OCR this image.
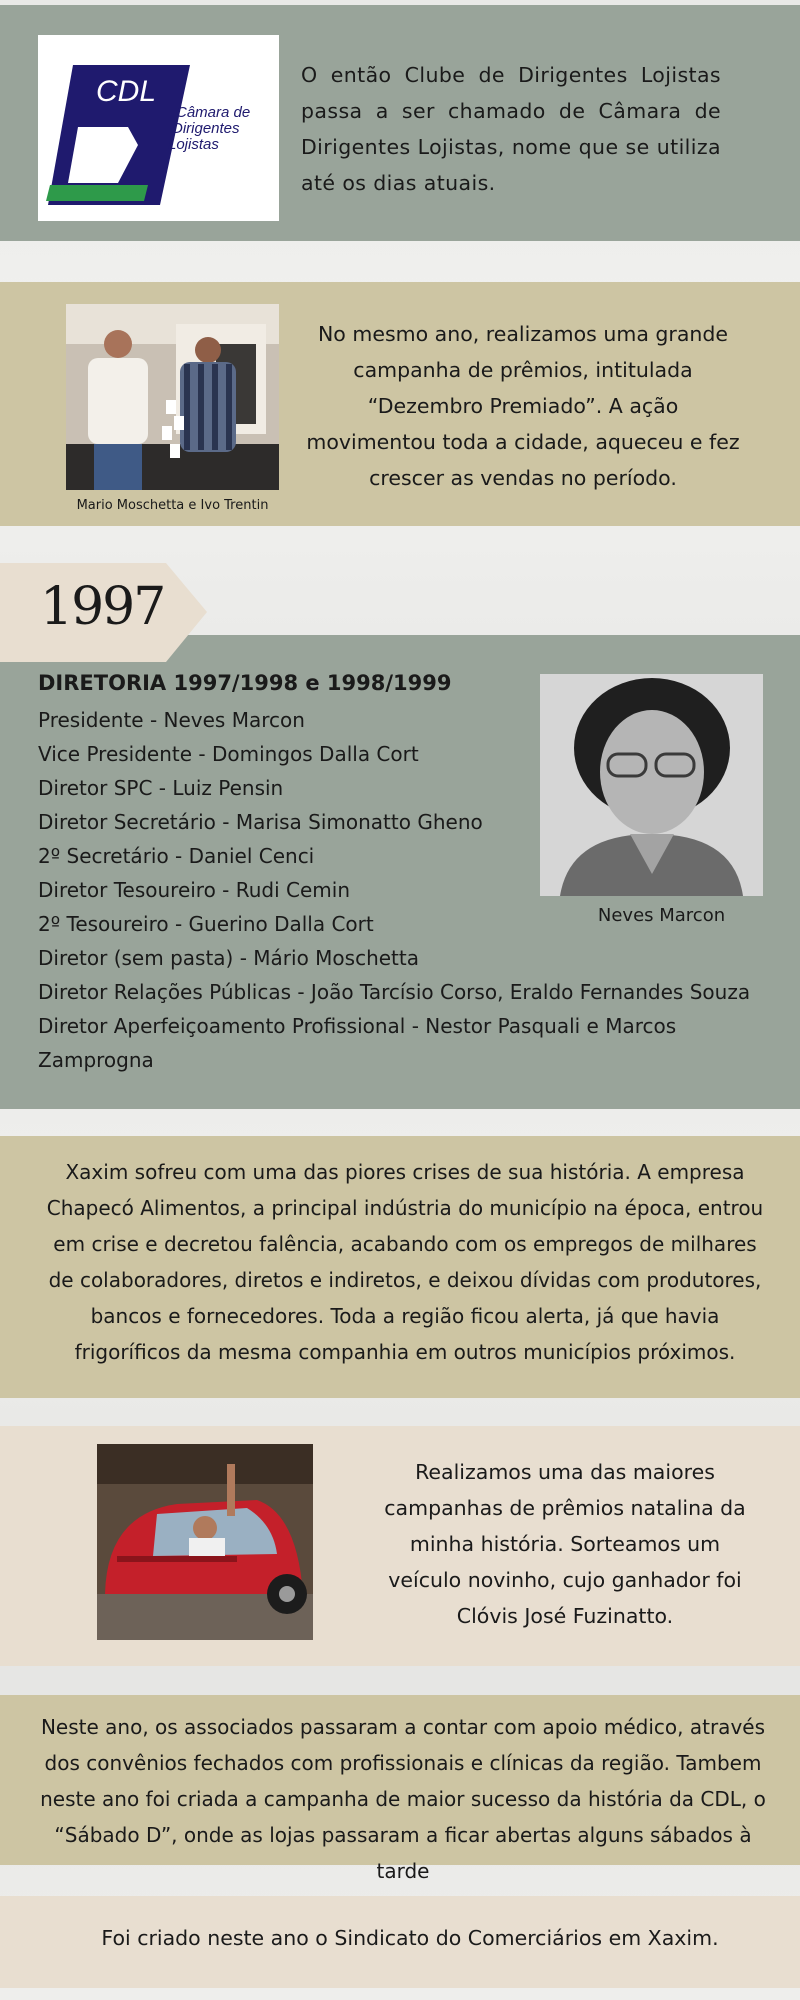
CDL
Câmara de
Dirigentes
Lojistas

O então Clube de Dirigentes Lojistas passa a ser chamado de Câmara de Dirigentes Lojistas, nome que se utiliza até os dias atuais.

Mario Moschetta e Ivo Trentin

No mesmo ano, realizamos uma grande campanha de prêmios, intitulada “Dezembro Premiado”. A ação movimentou toda a cidade, aqueceu e fez crescer as vendas no período.

DIRETORIA 1997/1998 e 1998/1999
Presidente - Neves Marcon
Vice Presidente - Domingos Dalla Cort
Diretor SPC - Luiz Pensin
Diretor Secretário - Marisa Simonatto Gheno
2º Secretário - Daniel Cenci
Diretor Tesoureiro - Rudi Cemin
2º Tesoureiro - Guerino Dalla Cort
Diretor (sem pasta) - Mário Moschetta
Diretor Relações Públicas - João Tarcísio Corso, Eraldo Fernandes Souza
Diretor Aperfeiçoamento Profissional - Nestor Pasquali e Marcos Zamprogna

Neves Marcon

1997

Xaxim sofreu com uma das piores crises de sua história. A empresa Chapecó Alimentos, a principal indústria do município na época, entrou em crise e decretou falência, acabando com os empregos de milhares de colaboradores, diretos e indiretos, e deixou dívidas com produtores, bancos e fornecedores. Toda a região ficou alerta, já que havia frigoríficos da mesma companhia em outros municípios próximos.

Realizamos uma das maiores campanhas de prêmios natalina da minha história. Sorteamos um veículo novinho, cujo ganhador foi Clóvis José Fuzinatto.

Neste ano, os associados passaram a contar com apoio médico, através dos convênios fechados com profissionais e clínicas da região. Tambem neste ano foi criada a campanha de maior sucesso da história da CDL, o “Sábado D”, onde as lojas passaram a ficar abertas alguns sábados à tarde

Foi criado neste ano o Sindicato do Comerciários em Xaxim.
